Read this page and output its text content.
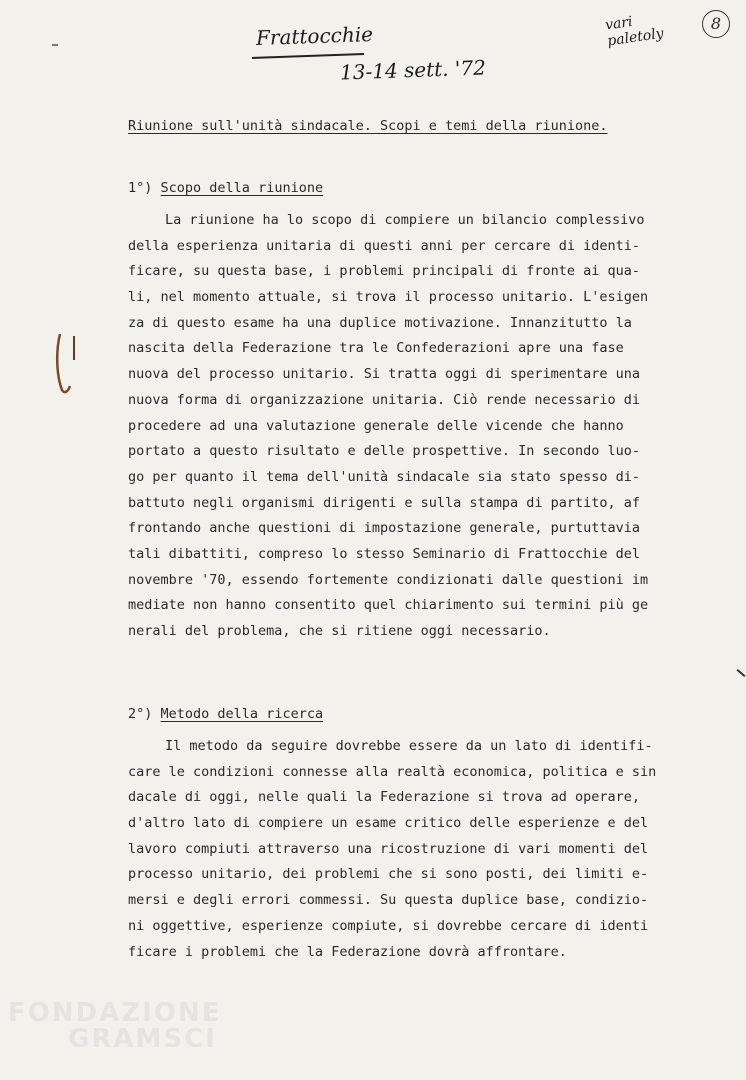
Frattocchie
13-14 sett. '72
vari paletoly
8
Riunione sull'unità sindacale. Scopi e temi della riunione.
1°) Scopo della riunione
La riunione ha lo scopo di compiere un bilancio complessivo
della esperienza unitaria di questi anni per cercare di identi-
ficare, su questa base, i problemi principali di fronte ai qua-
li, nel momento attuale, si trova il processo unitario. L'esigen
za di questo esame ha una duplice motivazione. Innanzitutto la
nascita della Federazione tra le Confederazioni apre una fase
nuova del processo unitario. Si tratta oggi di sperimentare una
nuova forma di organizzazione unitaria. Ciò rende necessario di
procedere ad una valutazione generale delle vicende che hanno
portato a questo risultato e delle prospettive. In secondo luo-
go per quanto il tema dell'unità sindacale sia stato spesso di-
battuto negli organismi dirigenti e sulla stampa di partito, af
frontando anche questioni di impostazione generale, purtuttavia
tali dibattiti, compreso lo stesso Seminario di Frattocchie del
novembre '70, essendo fortemente condizionati dalle questioni im
mediate non hanno consentito quel chiarimento sui termini più ge
nerali del problema, che si ritiene oggi necessario.
2°) Metodo della ricerca
Il metodo da seguire dovrebbe essere da un lato di identifi-
care le condizioni connesse alla realtà economica, politica e sin
dacale di oggi, nelle quali la Federazione si trova ad operare,
d'altro lato di compiere un esame critico delle esperienze e del
lavoro compiuti attraverso una ricostruzione di vari momenti del
processo unitario, dei problemi che si sono posti, dei limiti e-
mersi e degli errori commessi. Su questa duplice base, condizio-
ni oggettive, esperienze compiute, si dovrebbe cercare di identi
ficare i problemi che la Federazione dovrà affrontare.
FONDAZIONE
GRAMSCI
